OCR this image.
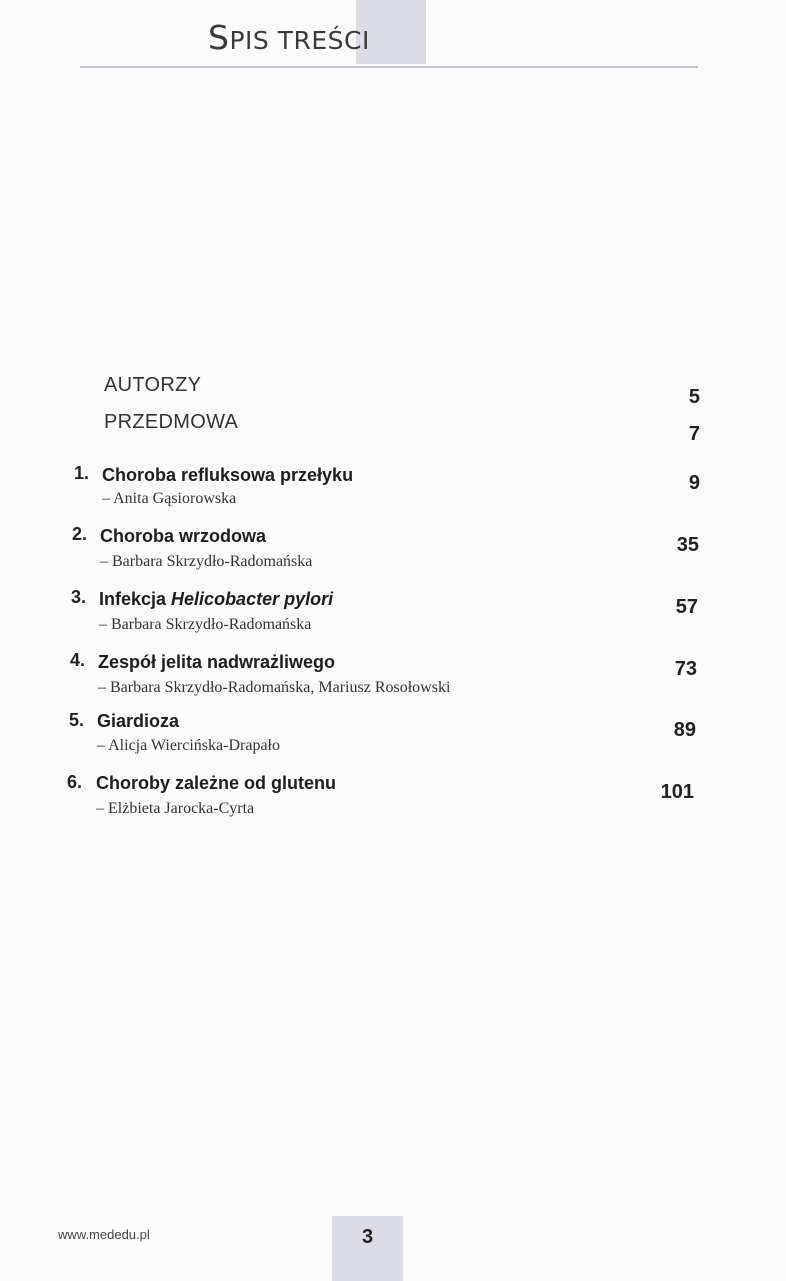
SPIS TREŚCI
AUTORZY
5
PRZEDMOWA
7
1. Choroba refluksowa przełyku
– Anita Gąsiorowska
9
2. Choroba wrzodowa
– Barbara Skrzydło-Radomańska
35
3. Infekcja Helicobacter pylori
– Barbara Skrzydło-Radomańska
57
4. Zespół jelita nadwrażliwego
– Barbara Skrzydło-Radomańska, Mariusz Rosołowski
73
5. Giardioza
– Alicja Wiercińska-Drapało
89
6. Choroby zależne od glutenu
– Elżbieta Jarocka-Cyrta
101
www.mededu.pl	3
